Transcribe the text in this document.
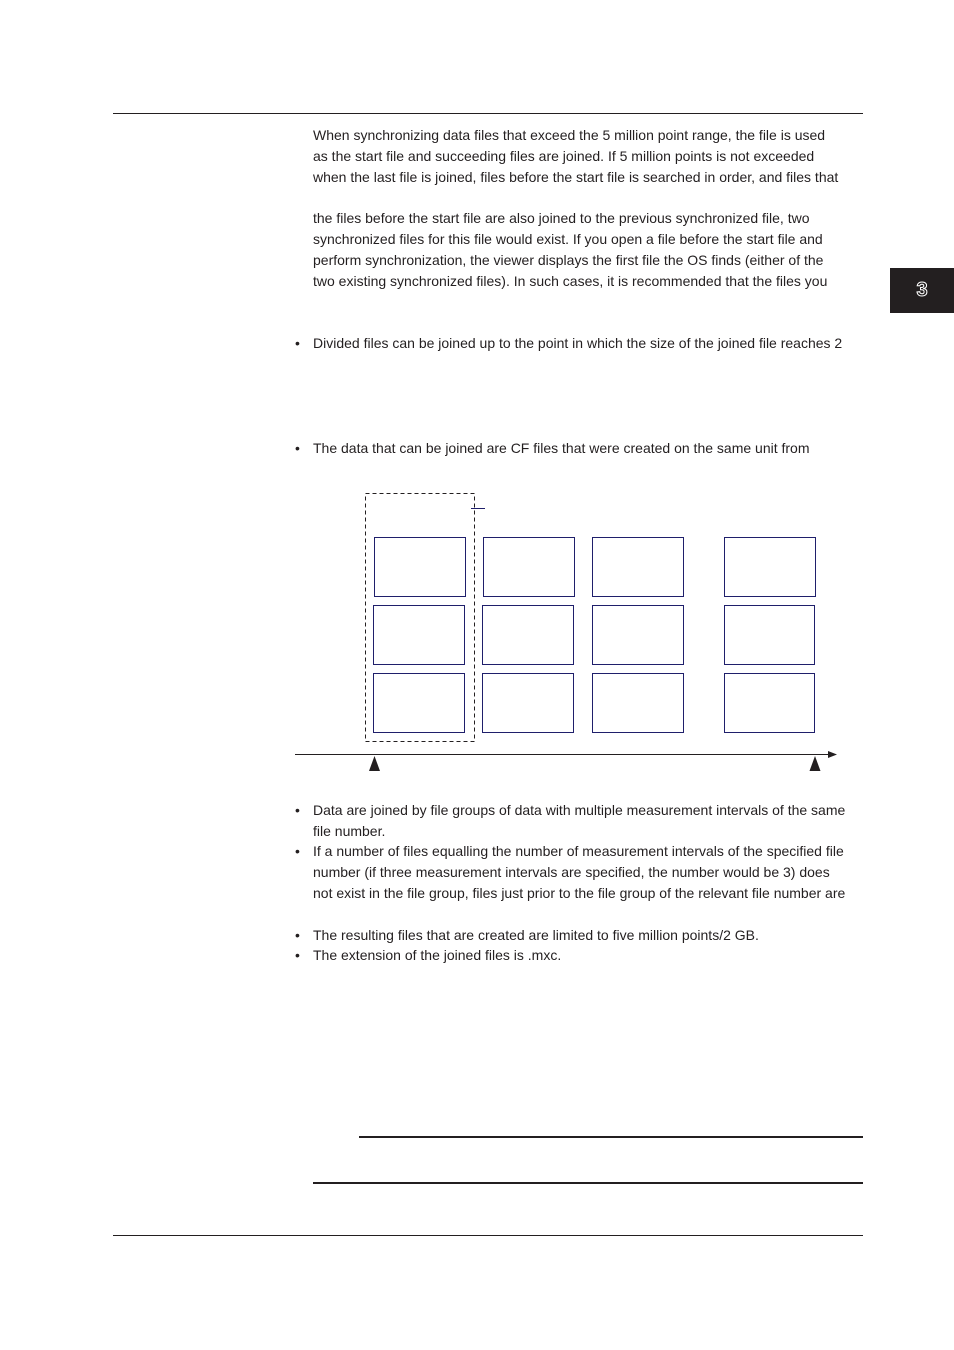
3
When synchronizing data files that exceed the 5 million point range, the file is used
as the start file and succeeding files are joined. If 5 million points is not exceeded
when the last file is joined, files before the start file is searched in order, and files that
the files before the start file are also joined to the previous synchronized file, two
synchronized files for this file would exist. If you open a file before the start file and
perform synchronization, the viewer displays the first file the OS finds (either of the
two existing synchronized files). In such cases, it is recommended that the files you
• Divided files can be joined up to the point in which the size of the joined file reaches 2
• The data that can be joined are CF files that were created on the same unit from
• Data are joined by file groups of data with multiple measurement intervals of the same
file number.
• If a number of files equalling the number of measurement intervals of the specified file
number (if three measurement intervals are specified, the number would be 3) does
not exist in the file group, files just prior to the file group of the relevant file number are
• The resulting files that are created are limited to five million points/2 GB.
• The extension of the joined files is .mxc.
